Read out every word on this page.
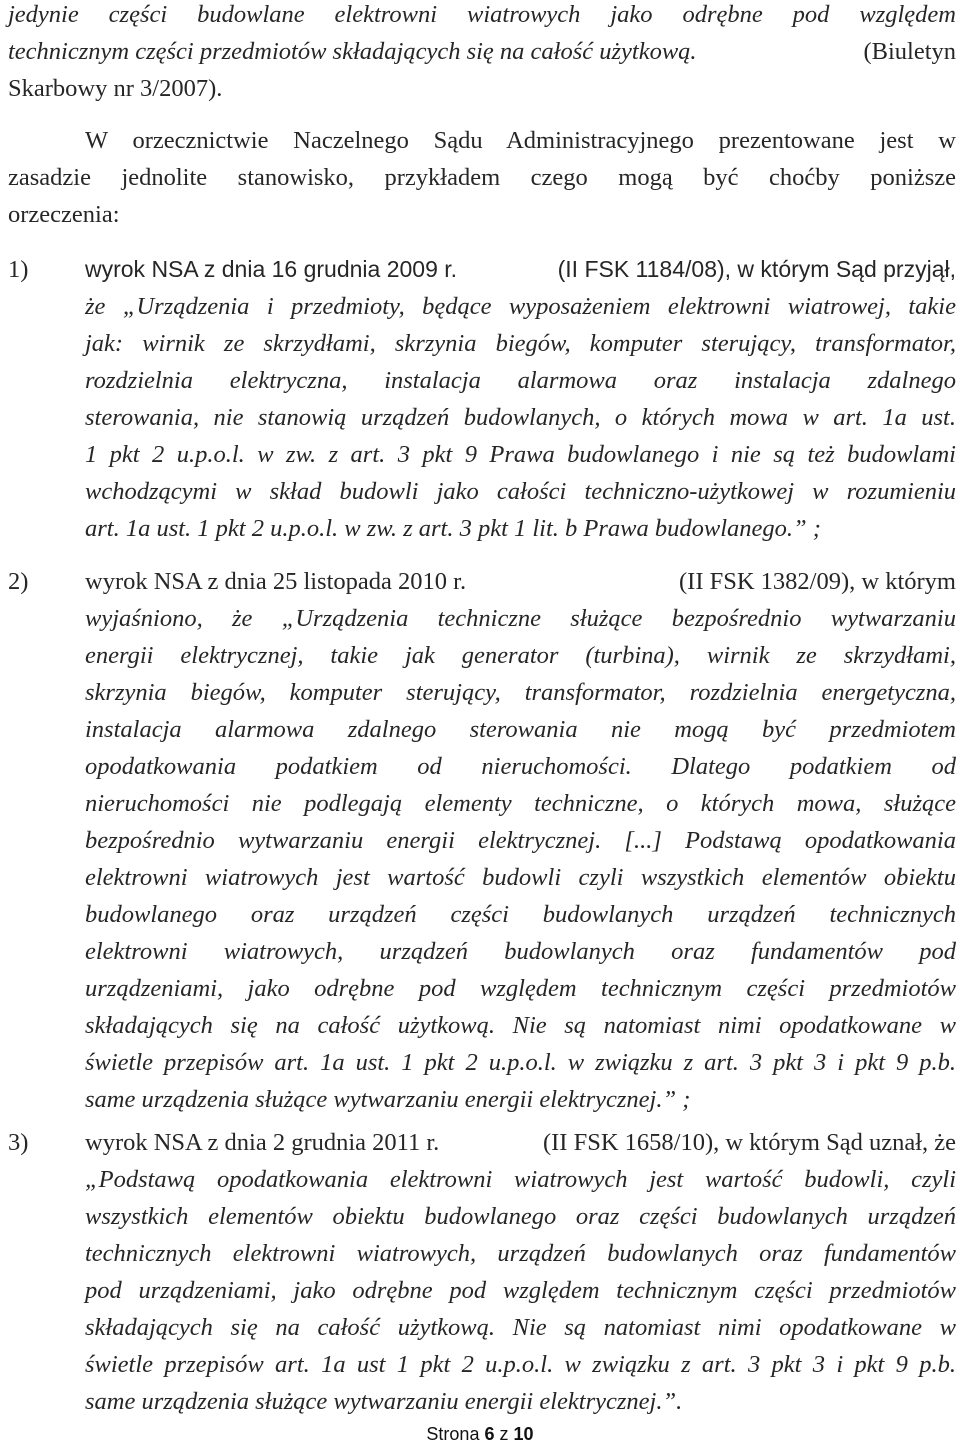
jedynie części budowlane elektrowni wiatrowych jako odrębne pod względem
technicznym części przedmiotów składających się na całość użytkową.	(Biuletyn
Skarbowy nr 3/2007).
W orzecznictwie Naczelnego Sądu Administracyjnego prezentowane jest w
zasadzie jednolite stanowisko, przykładem czego mogą być choćby poniższe
orzeczenia:
1) wyrok NSA z dnia 16 grudnia 2009 r.	(II FSK 1184/08), w którym Sąd przyjął,
że „Urządzenia i przedmioty, będące wyposażeniem elektrowni wiatrowej, takie
jak: wirnik ze skrzydłami, skrzynia biegów, komputer sterujący, transformator,
rozdzielnia elektryczna, instalacja alarmowa oraz instalacja zdalnego
sterowania, nie stanowią urządzeń budowlanych, o których mowa w art. 1a ust.
1 pkt 2 u.p.o.l. w zw. z art. 3 pkt 9 Prawa budowlanego i nie są też budowlami
wchodzącymi w skład budowli jako całości techniczno-użytkowej w rozumieniu
art. 1a ust. 1 pkt 2 u.p.o.l. w zw. z art. 3 pkt 1 lit. b Prawa budowlanego.” ;
2) wyrok NSA z dnia 25 listopada 2010 r.	(II FSK 1382/09), w którym
wyjaśniono, że „Urządzenia techniczne służące bezpośrednio wytwarzaniu
energii elektrycznej, takie jak generator (turbina), wirnik ze skrzydłami,
skrzynia biegów, komputer sterujący, transformator, rozdzielnia energetyczna,
instalacja alarmowa zdalnego sterowania nie mogą być przedmiotem
opodatkowania podatkiem od nieruchomości. Dlatego podatkiem od
nieruchomości nie podlegają elementy techniczne, o których mowa, służące
bezpośrednio wytwarzaniu energii elektrycznej. [...] Podstawą opodatkowania
elektrowni wiatrowych jest wartość budowli czyli wszystkich elementów obiektu
budowlanego oraz urządzeń części budowlanych urządzeń technicznych
elektrowni wiatrowych, urządzeń budowlanych oraz fundamentów pod
urządzeniami, jako odrębne pod względem technicznym części przedmiotów
składających się na całość użytkową. Nie są natomiast nimi opodatkowane w
świetle przepisów art. 1a ust. 1 pkt 2 u.p.o.l. w związku z art. 3 pkt 3 i pkt 9 p.b.
same urządzenia służące wytwarzaniu energii elektrycznej.” ;
3) wyrok NSA z dnia 2 grudnia 2011 r.	(II FSK 1658/10), w którym Sąd uznał, że
„Podstawą opodatkowania elektrowni wiatrowych jest wartość budowli, czyli
wszystkich elementów obiektu budowlanego oraz części budowlanych urządzeń
technicznych elektrowni wiatrowych, urządzeń budowlanych oraz fundamentów
pod urządzeniami, jako odrębne pod względem technicznym części przedmiotów
składających się na całość użytkową. Nie są natomiast nimi opodatkowane w
świetle przepisów art. 1a ust 1 pkt 2 u.p.o.l. w związku z art. 3 pkt 3 i pkt 9 p.b.
same urządzenia służące wytwarzaniu energii elektrycznej.”.
Strona 6 z 10
